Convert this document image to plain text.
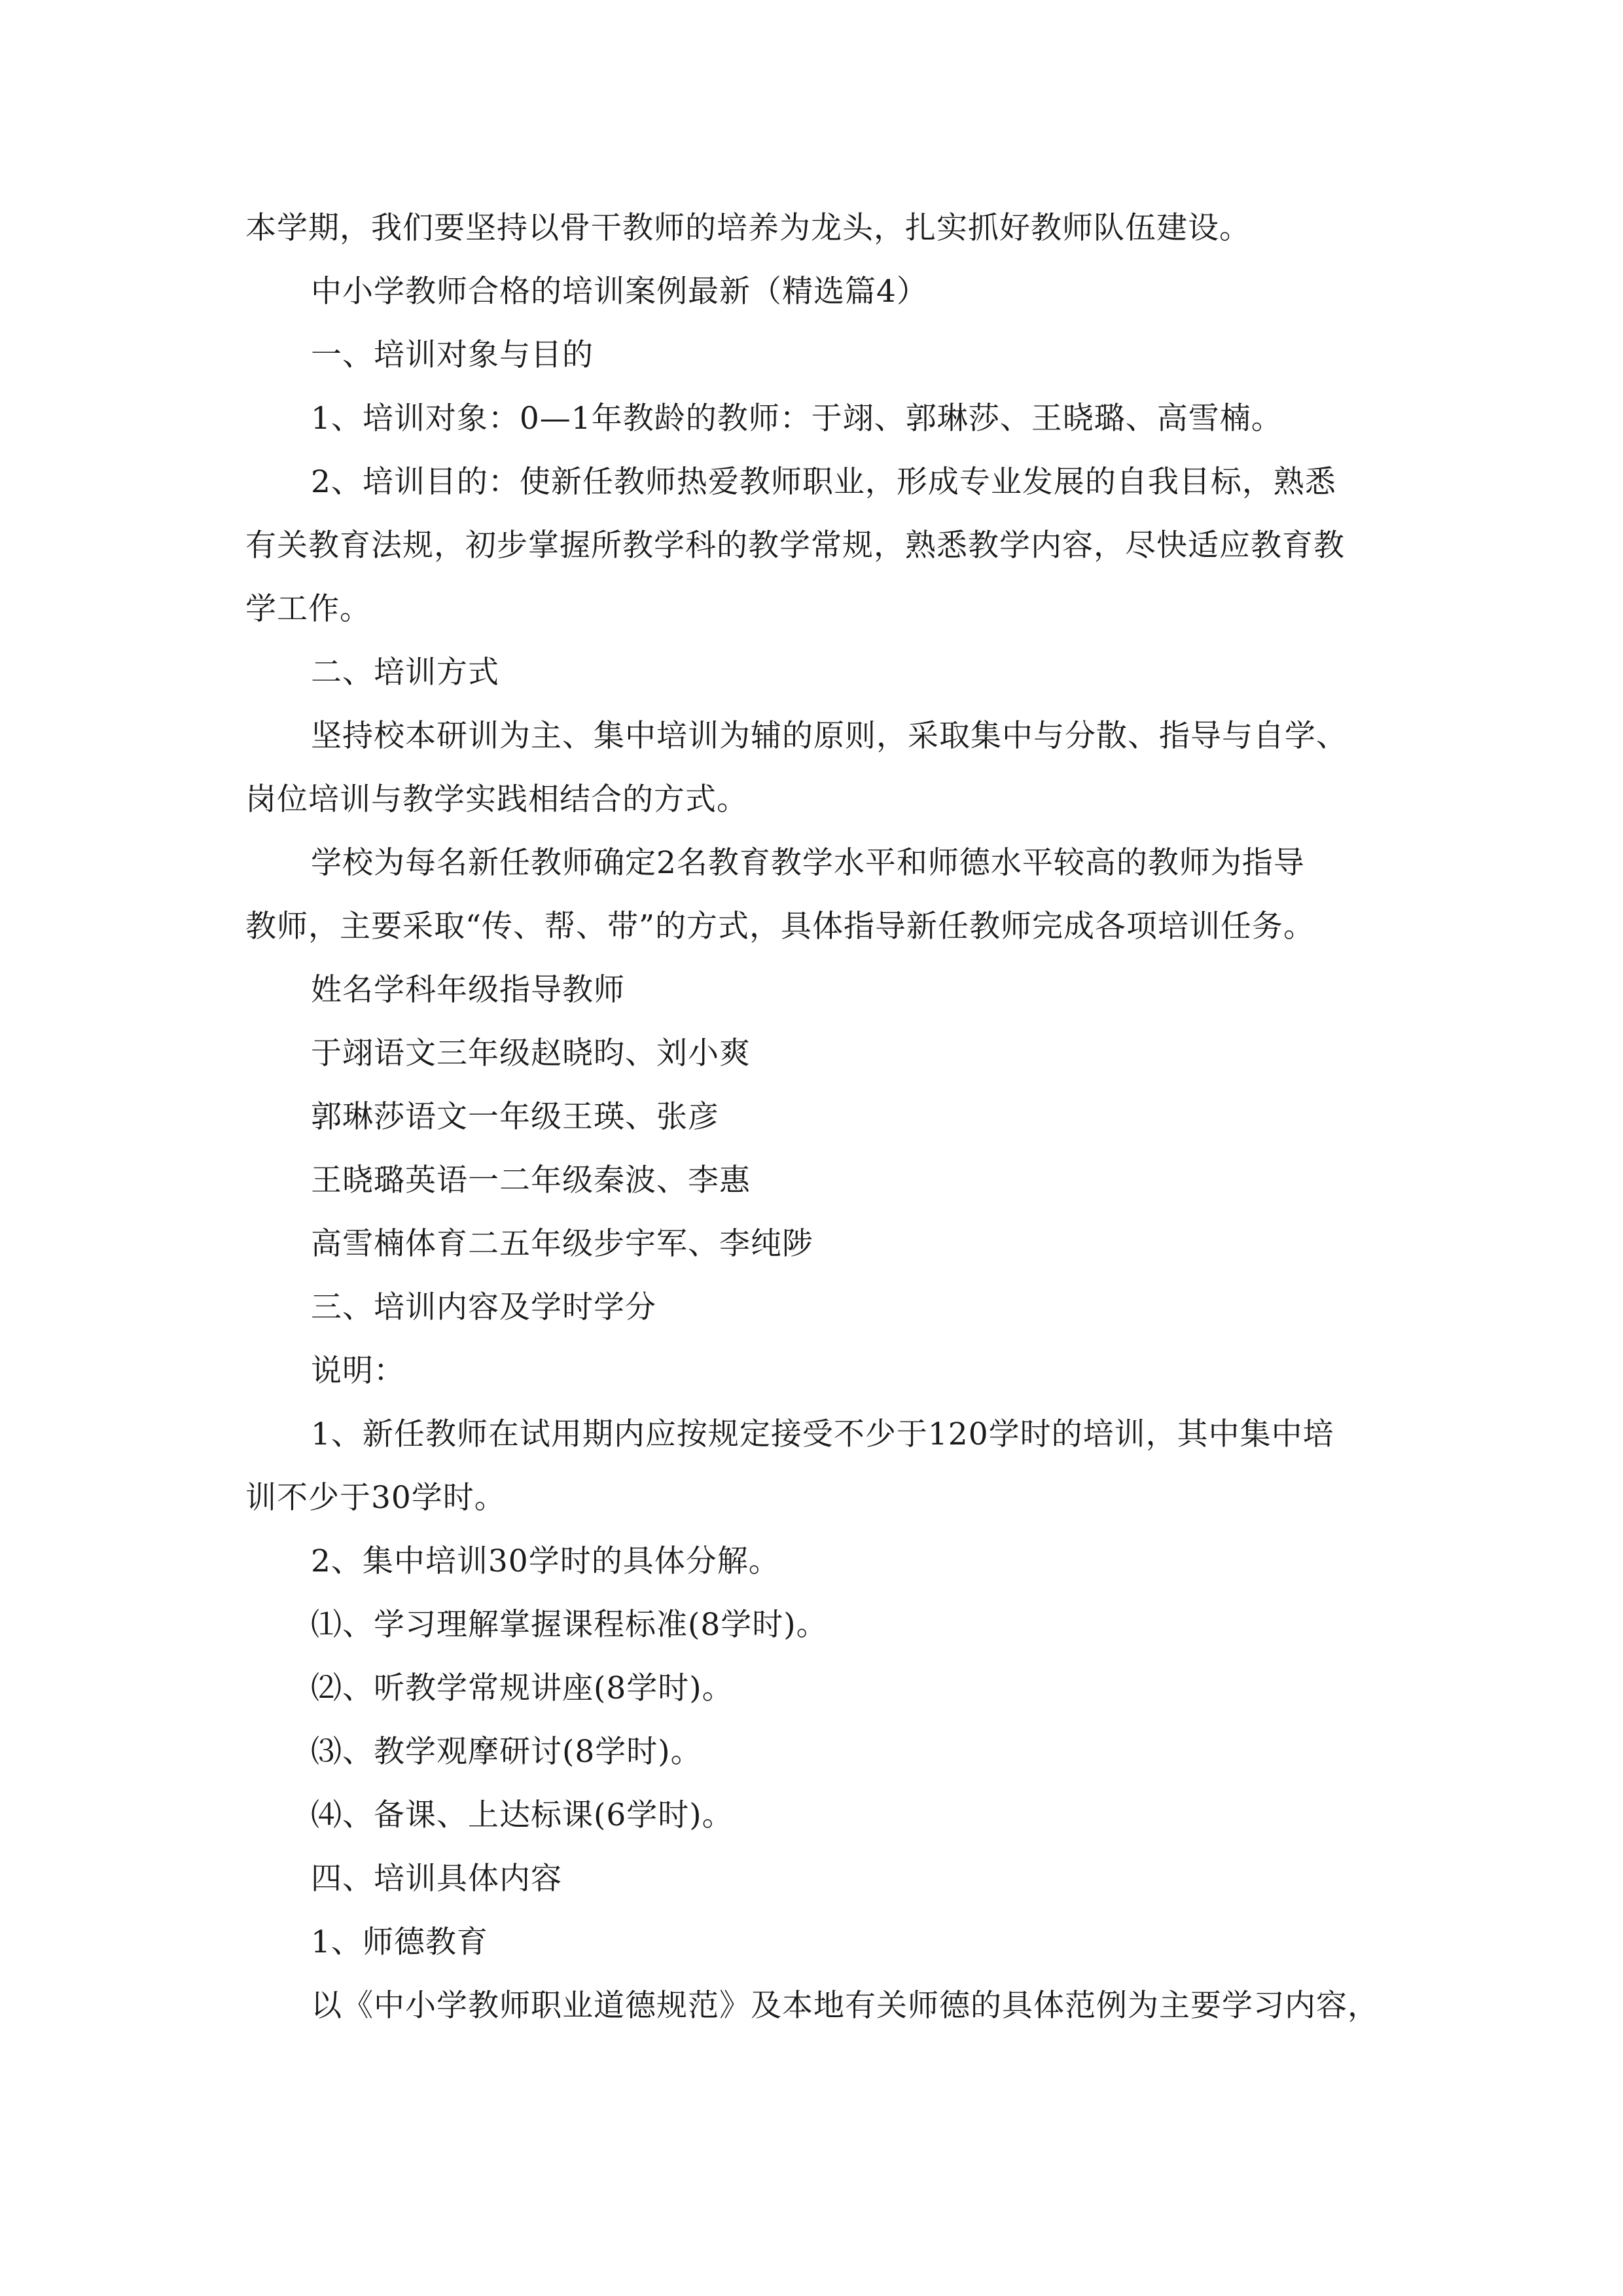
本学期，我们要坚持以骨干教师的培养为龙头，扎实抓好教师队伍建设。
中小学教师合格的培训案例最新（精选篇4）
一、培训对象与目的
1、培训对象：0—1年教龄的教师：于翊、郭琳莎、王晓璐、高雪楠。
2、培训目的：使新任教师热爱教师职业，形成专业发展的自我目标，熟悉
有关教育法规，初步掌握所教学科的教学常规，熟悉教学内容，尽快适应教育教
学工作。
二、培训方式
坚持校本研训为主、集中培训为辅的原则，采取集中与分散、指导与自学、
岗位培训与教学实践相结合的方式。
学校为每名新任教师确定2名教育教学水平和师德水平较高的教师为指导
教师，主要采取“传、帮、带”的方式，具体指导新任教师完成各项培训任务。
姓名学科年级指导教师
于翊语文三年级赵晓昀、刘小爽
郭琳莎语文一年级王瑛、张彦
王晓璐英语一二年级秦波、李惠
高雪楠体育二五年级步宇军、李纯陟
三、培训内容及学时学分
说明：
1、新任教师在试用期内应按规定接受不少于120学时的培训，其中集中培
训不少于30学时。
2、集中培训30学时的具体分解。
⑴、学习理解掌握课程标准(8学时)。
⑵、听教学常规讲座(8学时)。
⑶、教学观摩研讨(8学时)。
⑷、备课、上达标课(6学时)。
四、培训具体内容
1、师德教育
以《中小学教师职业道德规范》及本地有关师德的具体范例为主要学习内容，
